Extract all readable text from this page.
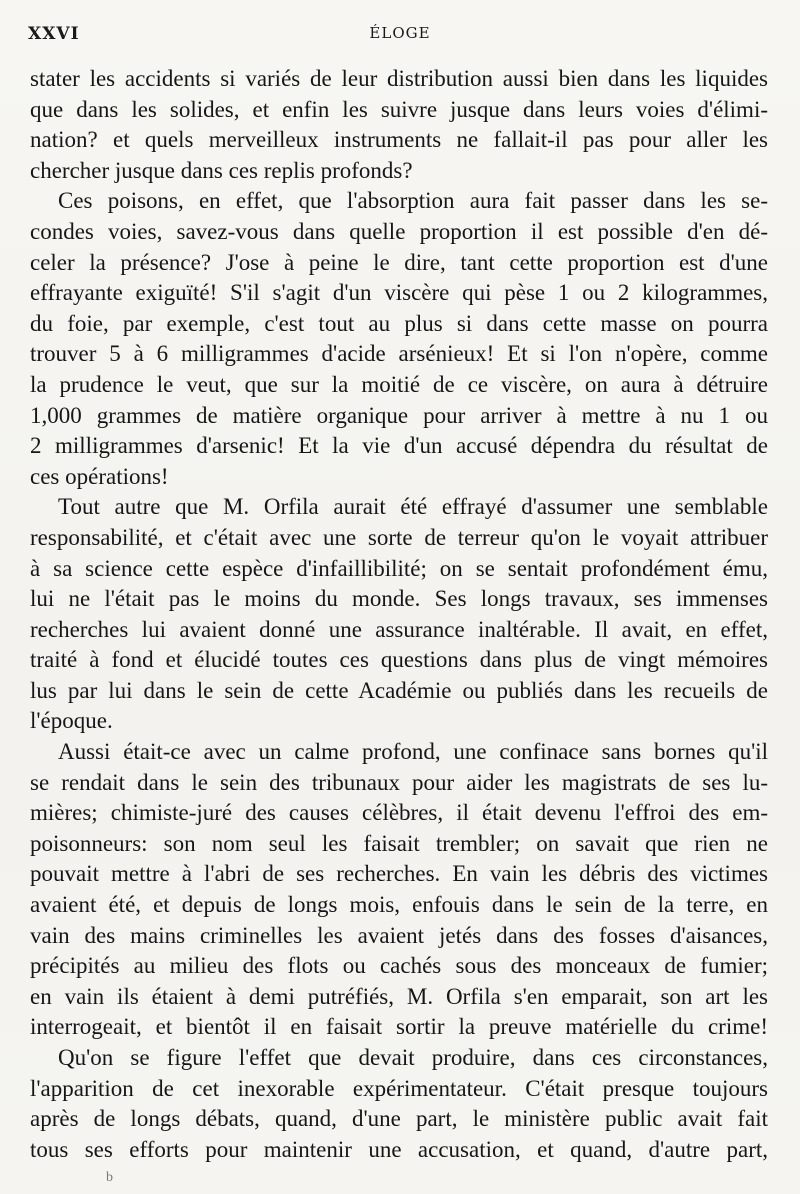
XXVI	ÉLOGE
stater les accidents si variés de leur distribution aussi bien dans les liquides
que dans les solides, et enfin les suivre jusque dans leurs voies d'élimi-
nation? et quels merveilleux instruments ne fallait-il pas pour aller les
chercher jusque dans ces replis profonds?
Ces poisons, en effet, que l'absorption aura fait passer dans les se-
condes voies, savez-vous dans quelle proportion il est possible d'en dé-
celer la présence? J'ose à peine le dire, tant cette proportion est d'une
effrayante exiguïté! S'il s'agit d'un viscère qui pèse 1 ou 2 kilogrammes,
du foie, par exemple, c'est tout au plus si dans cette masse on pourra
trouver 5 à 6 milligrammes d'acide arsénieux! Et si l'on n'opère, comme
la prudence le veut, que sur la moitié de ce viscère, on aura à détruire
1,000 grammes de matière organique pour arriver à mettre à nu 1 ou
2 milligrammes d'arsenic! Et la vie d'un accusé dépendra du résultat de
ces opérations!
Tout autre que M. Orfila aurait été effrayé d'assumer une semblable
responsabilité, et c'était avec une sorte de terreur qu'on le voyait attribuer
à sa science cette espèce d'infaillibilité; on se sentait profondément ému,
lui ne l'était pas le moins du monde. Ses longs travaux, ses immenses
recherches lui avaient donné une assurance inaltérable. Il avait, en effet,
traité à fond et élucidé toutes ces questions dans plus de vingt mémoires
lus par lui dans le sein de cette Académie ou publiés dans les recueils de
l'époque.
Aussi était-ce avec un calme profond, une confinace sans bornes qu'il
se rendait dans le sein des tribunaux pour aider les magistrats de ses lu-
mières; chimiste-juré des causes célèbres, il était devenu l'effroi des em-
poisonneurs: son nom seul les faisait trembler; on savait que rien ne
pouvait mettre à l'abri de ses recherches. En vain les débris des victimes
avaient été, et depuis de longs mois, enfouis dans le sein de la terre, en
vain des mains criminelles les avaient jetés dans des fosses d'aisances,
précipités au milieu des flots ou cachés sous des monceaux de fumier;
en vain ils étaient à demi putréfiés, M. Orfila s'en emparait, son art les
interrogeait, et bientôt il en faisait sortir la preuve matérielle du crime!
Qu'on se figure l'effet que devait produire, dans ces circonstances,
l'apparition de cet inexorable expérimentateur. C'était presque toujours
après de longs débats, quand, d'une part, le ministère public avait fait
tous ses efforts pour maintenir une accusation, et quand, d'autre part,
b
